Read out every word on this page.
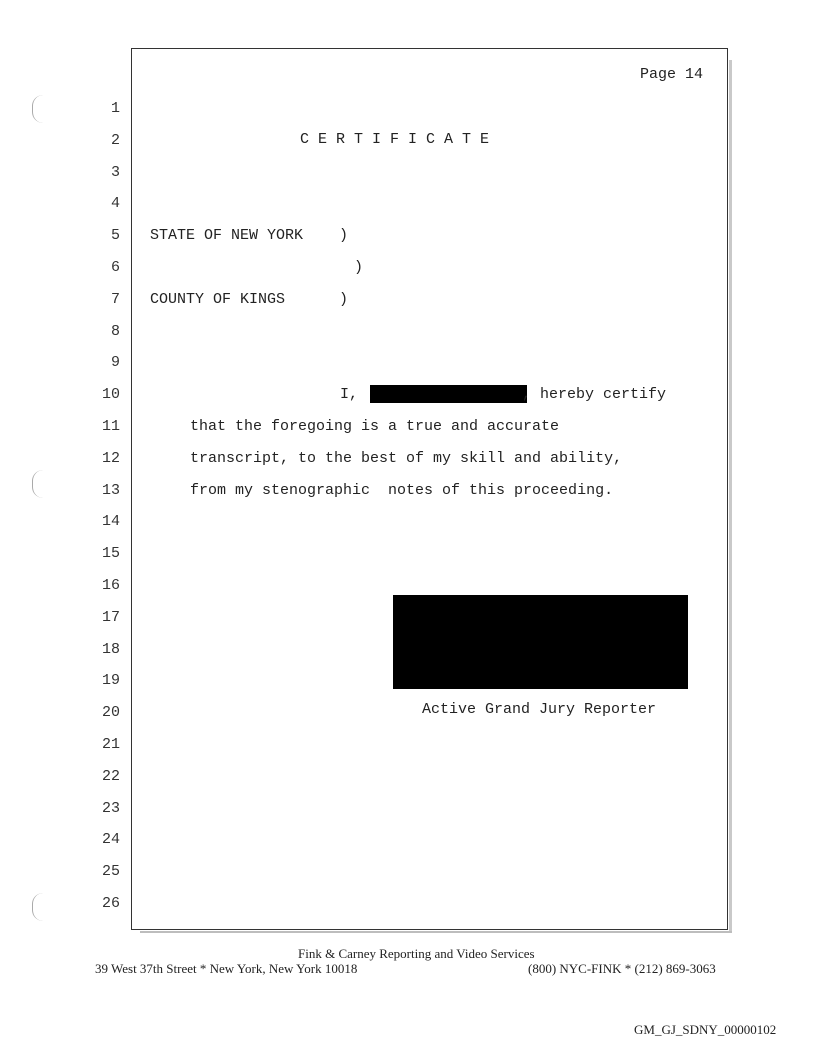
Page 14
1
2
3
4
5
6
7
8
9
10
11
12
13
14
15
16
17
18
19
20
21
22
23
24
25
26
C E R T I F I C A T E
STATE OF NEW YORK    )
)
COUNTY OF KINGS      )
I,	, hereby certify
that the foregoing is a true and accurate
transcript, to the best of my skill and ability,
from my stenographic  notes of this proceeding.
Active Grand Jury Reporter
Fink & Carney Reporting and Video Services
39 West 37th Street * New York, New York 10018	(800) NYC-FINK * (212) 869-3063
GM_GJ_SDNY_00000102
